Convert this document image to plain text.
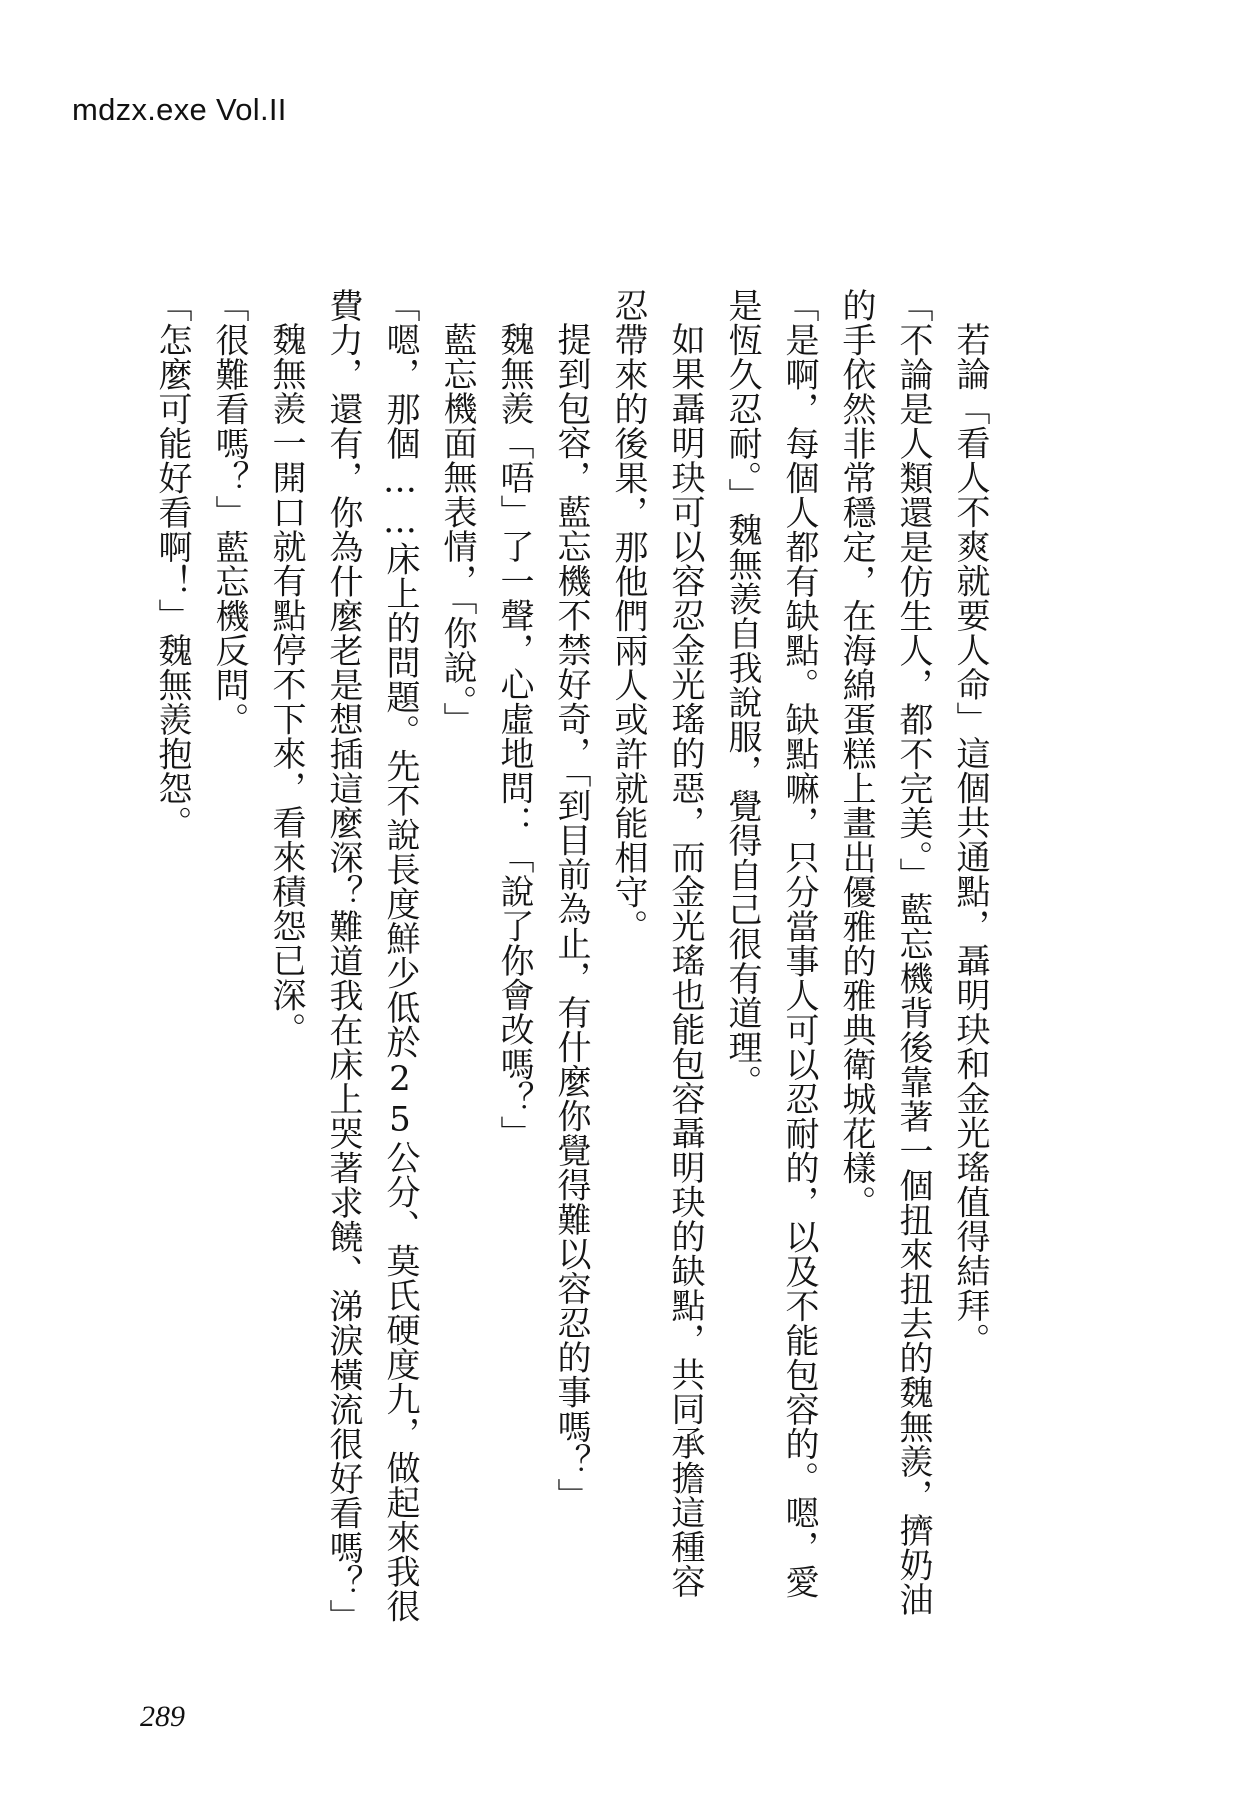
mdzx.exe Vol.II

若論「看人不爽就要人命」這個共通點，聶明玦和金光瑤值得結拜。

「不論是人類還是仿生人，都不完美。」藍忘機背後靠著一個扭來扭去的魏無羨，擠奶油的手依然非常穩定，在海綿蛋糕上畫出優雅的雅典衛城花樣。

「是啊，每個人都有缺點。缺點嘛，只分當事人可以忍耐的，以及不能包容的。嗯，愛是恆久忍耐。」魏無羨自我說服，覺得自己很有道理。

如果聶明玦可以容忍金光瑤的惡，而金光瑤也能包容聶明玦的缺點，共同承擔這種容忍帶來的後果，那他們兩人或許就能相守。

提到包容，藍忘機不禁好奇，「到目前為止，有什麼你覺得難以容忍的事嗎？」

魏無羨「唔」了一聲，心虛地問：「說了你會改嗎？」

藍忘機面無表情，「你說。」

「嗯，那個……床上的問題。先不說長度鮮少低於25公分、莫氏硬度九，做起來我很費力，還有，你為什麼老是想插這麼深？難道我在床上哭著求饒、涕淚橫流很好看嗎？」

魏無羨一開口就有點停不下來，看來積怨已深。

「很難看嗎？」藍忘機反問。

「怎麼可能好看啊！」魏無羨抱怨。

289
